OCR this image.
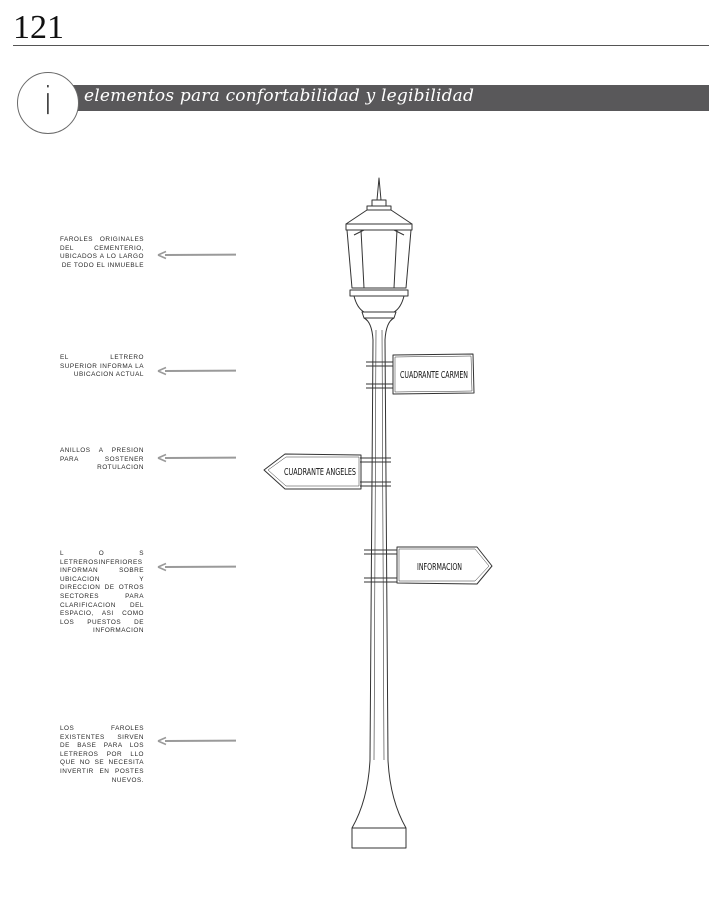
121
elementos para confortabilidad y legibilidad
i
FAROLES ORIGINALES DEL CEMENTERIO, UBICADOS A LO LARGO DE TODO EL INMUEBLE
EL LETRERO SUPERIOR INFORMA LA UBICACION ACTUAL
ANILLOS A PRESION PARA SOSTENER ROTULACION
L O S LETREROSINFERIORES INFORMAN SOBRE UBICACION Y DIRECCION DE OTROS SECTORES PARA CLARIFICACION DEL ESPACIO, ASI COMO LOS PUESTOS DE INFORMACION
LOS FAROLES EXISTENTES SIRVEN DE BASE PARA LOS LETREROS POR LLO QUE NO SE NECESITA INVERTIR EN POSTES NUEVOS.
CUADRANTE CARMEN
CUADRANTE ANGELES
INFORMACION
